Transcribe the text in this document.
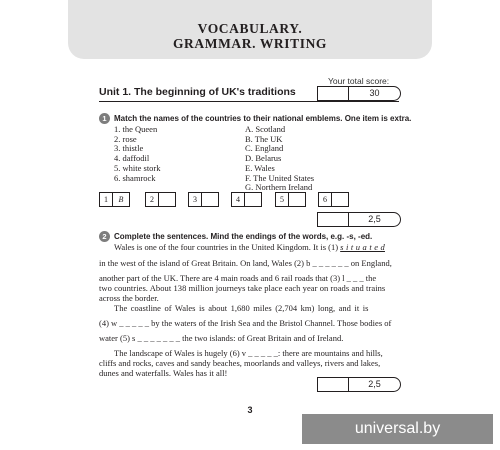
VOCABULARY.
GRAMMAR. WRITING
Your total score:
30
Unit 1. The beginning of UK's traditions
1 Match the names of the countries to their national emblems. One item is extra.
1. the Queen
2. rose
3. thistle
4. daffodil
5. white stork
6. shamrock
A. Scotland
B. The UK
C. England
D. Belarus
E. Wales
F. The United States
G. Northern Ireland
1	B	2	3	4	5	6
2,5
2 Complete the sentences. Mind the endings of the words, e.g. -s, -ed.
Wales is one of the four countries in the United Kingdom. It is (1) s i t u a t e d
in the west of the island of Great Britain. On land, Wales (2) b _ _ _ _ _ _ on England,
another part of the UK. There are 4 main roads and 6 rail roads that (3) l _ _ _ the
two countries. About 138 million journeys take place each year on roads and trains
across the border.
The coastline of Wales is about 1,680 miles (2,704 km) long, and it is
(4) w _ _ _ _ _ by the waters of the Irish Sea and the Bristol Channel. Those bodies of
water (5) s _ _ _ _ _ _ _ the two islands: of Great Britain and of Ireland.
The landscape of Wales is hugely (6) v _ _ _ _ _: there are mountains and hills,
cliffs and rocks, caves and sandy beaches, moorlands and valleys, rivers and lakes,
dunes and waterfalls. Wales has it all!
2,5
3
universal.by
